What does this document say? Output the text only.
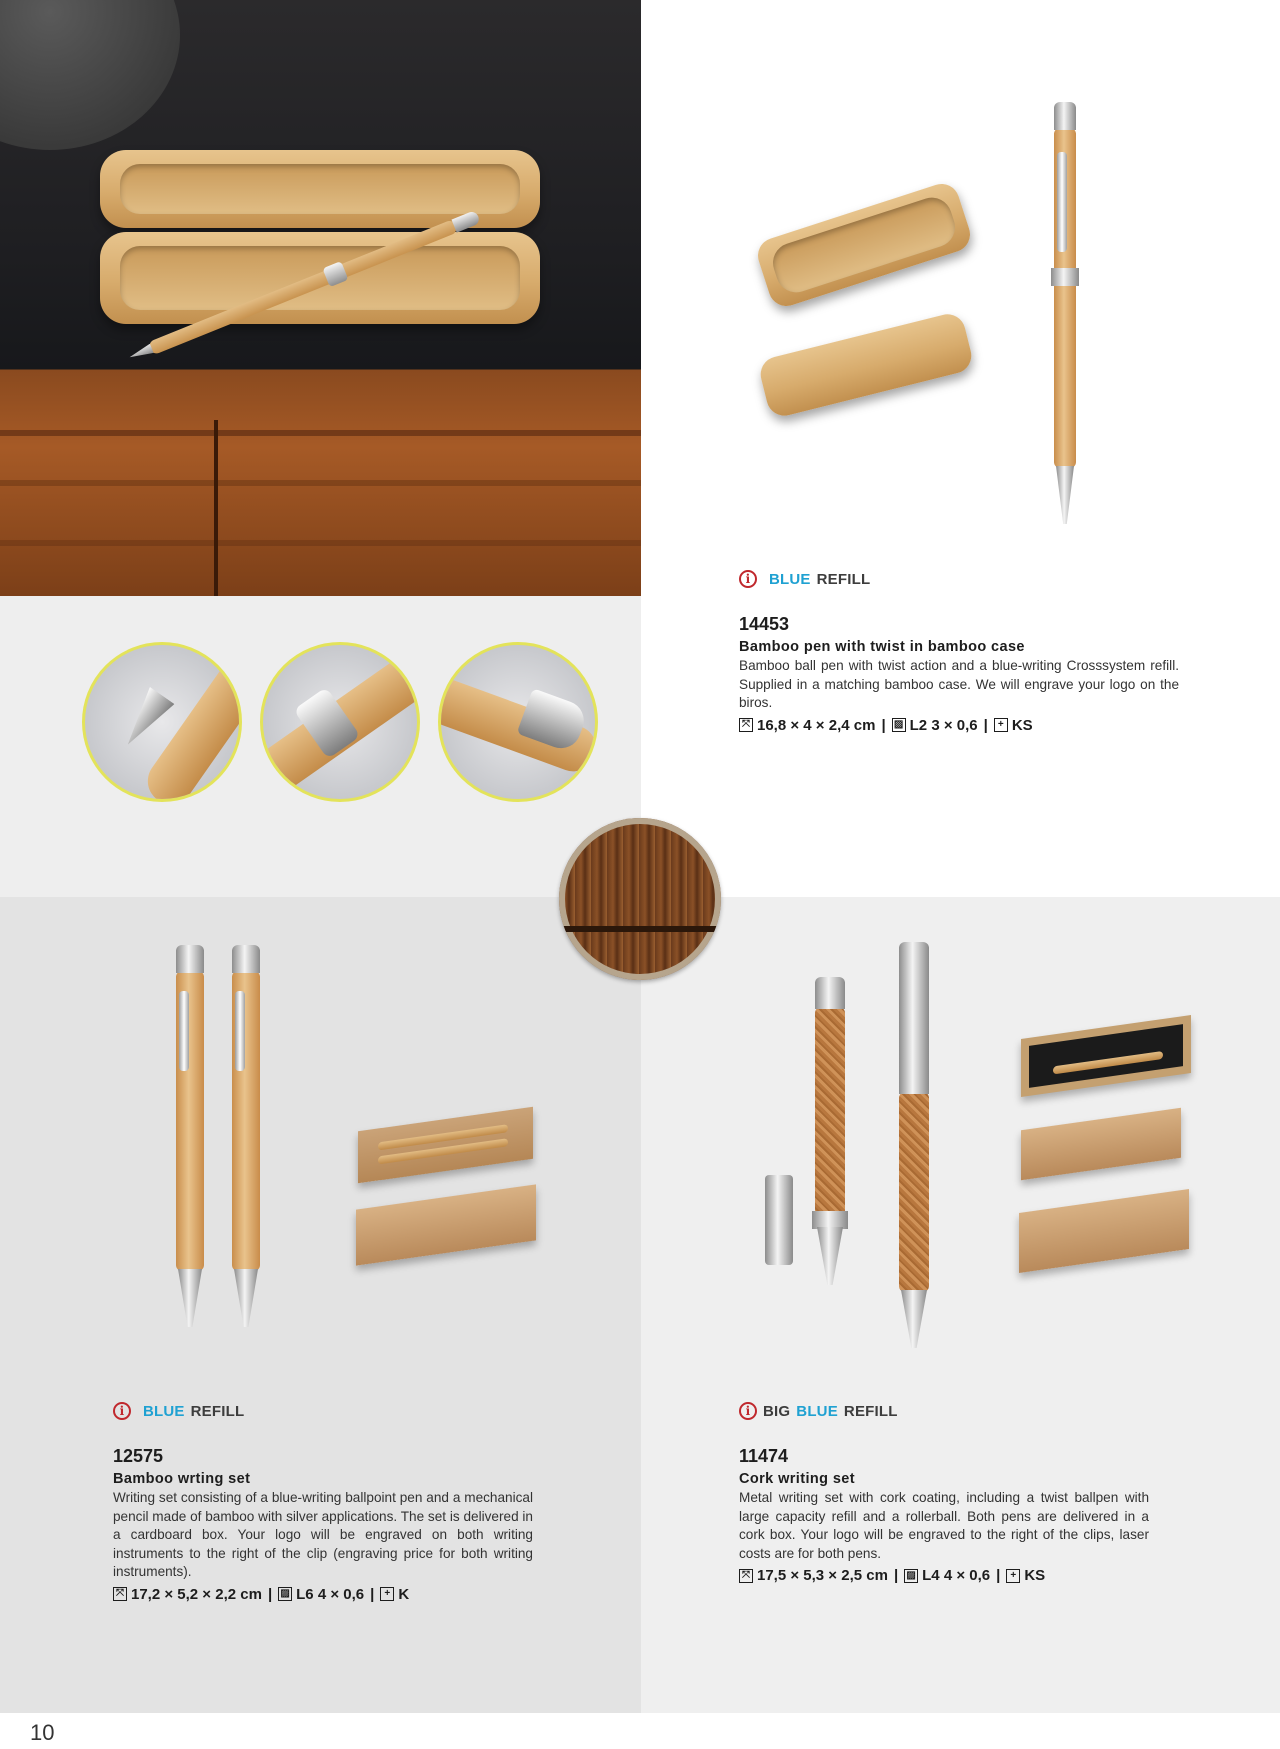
i	BLUE REFILL
14453
Bamboo pen with twist in bamboo case
Bamboo ball pen with twist action and a blue-writing Crosssystem refill. Supplied in a matching bamboo case. We will engrave your logo on the biros.
⤧ 16,8 × 4 × 2,4 cm | ▨ L2 3 × 0,6 |	+ KS
i	BLUE REFILL
12575
Bamboo wrting set
Writing set consisting of a blue-writing ballpoint pen and a mechanical pencil made of bamboo with silver applications. The set is delivered in a cardboard box. Your logo will be engraved on both writing instruments to the right of the clip (engraving price for both writing instruments).
⤧ 17,2 × 5,2 × 2,2 cm | ▨ L6 4 × 0,6 |	+ K
i BIG BLUE REFILL
11474
Cork writing set
Metal writing set with cork coating, including a twist ballpen with large capacity refill and a rollerball. Both pens are delivered in a cork box. Your logo will be engraved to the right of the clips, laser costs are for both pens.
⤧ 17,5 × 5,3 × 2,5 cm | ▨ L4 4 × 0,6 |	+ KS
10
